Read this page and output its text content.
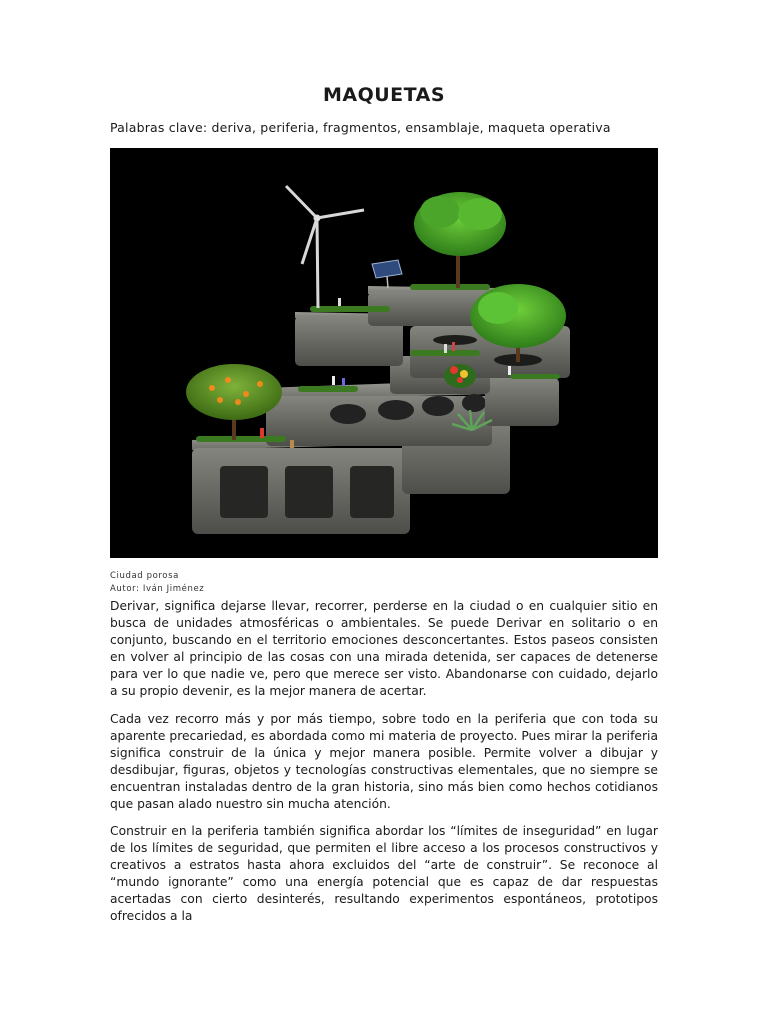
MAQUETAS
Palabras clave: deriva, periferia, fragmentos, ensamblaje, maqueta operativa
Ciudad porosa
Autor: Iván Jiménez

Derivar, significa dejarse llevar, recorrer, perderse en la ciudad o en cualquier sitio en busca de unidades atmosféricas o ambientales. Se puede Derivar en solitario o en conjunto, buscando en el territorio emociones desconcertantes. Estos paseos consisten en volver al principio de las cosas con una mirada detenida, ser capaces de detenerse para ver lo que nadie ve, pero que merece ser visto. Abandonarse con cuidado, dejarlo a su propio devenir, es la mejor manera de acertar.

Cada vez recorro más y por más tiempo, sobre todo en la periferia que con toda su aparente precariedad, es abordada como mi materia de proyecto. Pues mirar la periferia significa construir de la única y mejor manera posible. Permite volver a dibujar y desdibujar, figuras, objetos y tecnologías constructivas elementales, que no siempre se encuentran instaladas dentro de la gran historia, sino más bien como hechos cotidianos que pasan alado nuestro sin mucha atención.

Construir en la periferia también significa abordar los “límites de inseguridad” en lugar de los límites de seguridad, que permiten el libre acceso a los procesos constructivos y creativos a estratos hasta ahora excluidos del “arte de construir”. Se reconoce al “mundo ignorante” como una energía potencial que es capaz de dar respuestas acertadas con cierto desinterés, resultando experimentos espontáneos, prototipos ofrecidos a la
